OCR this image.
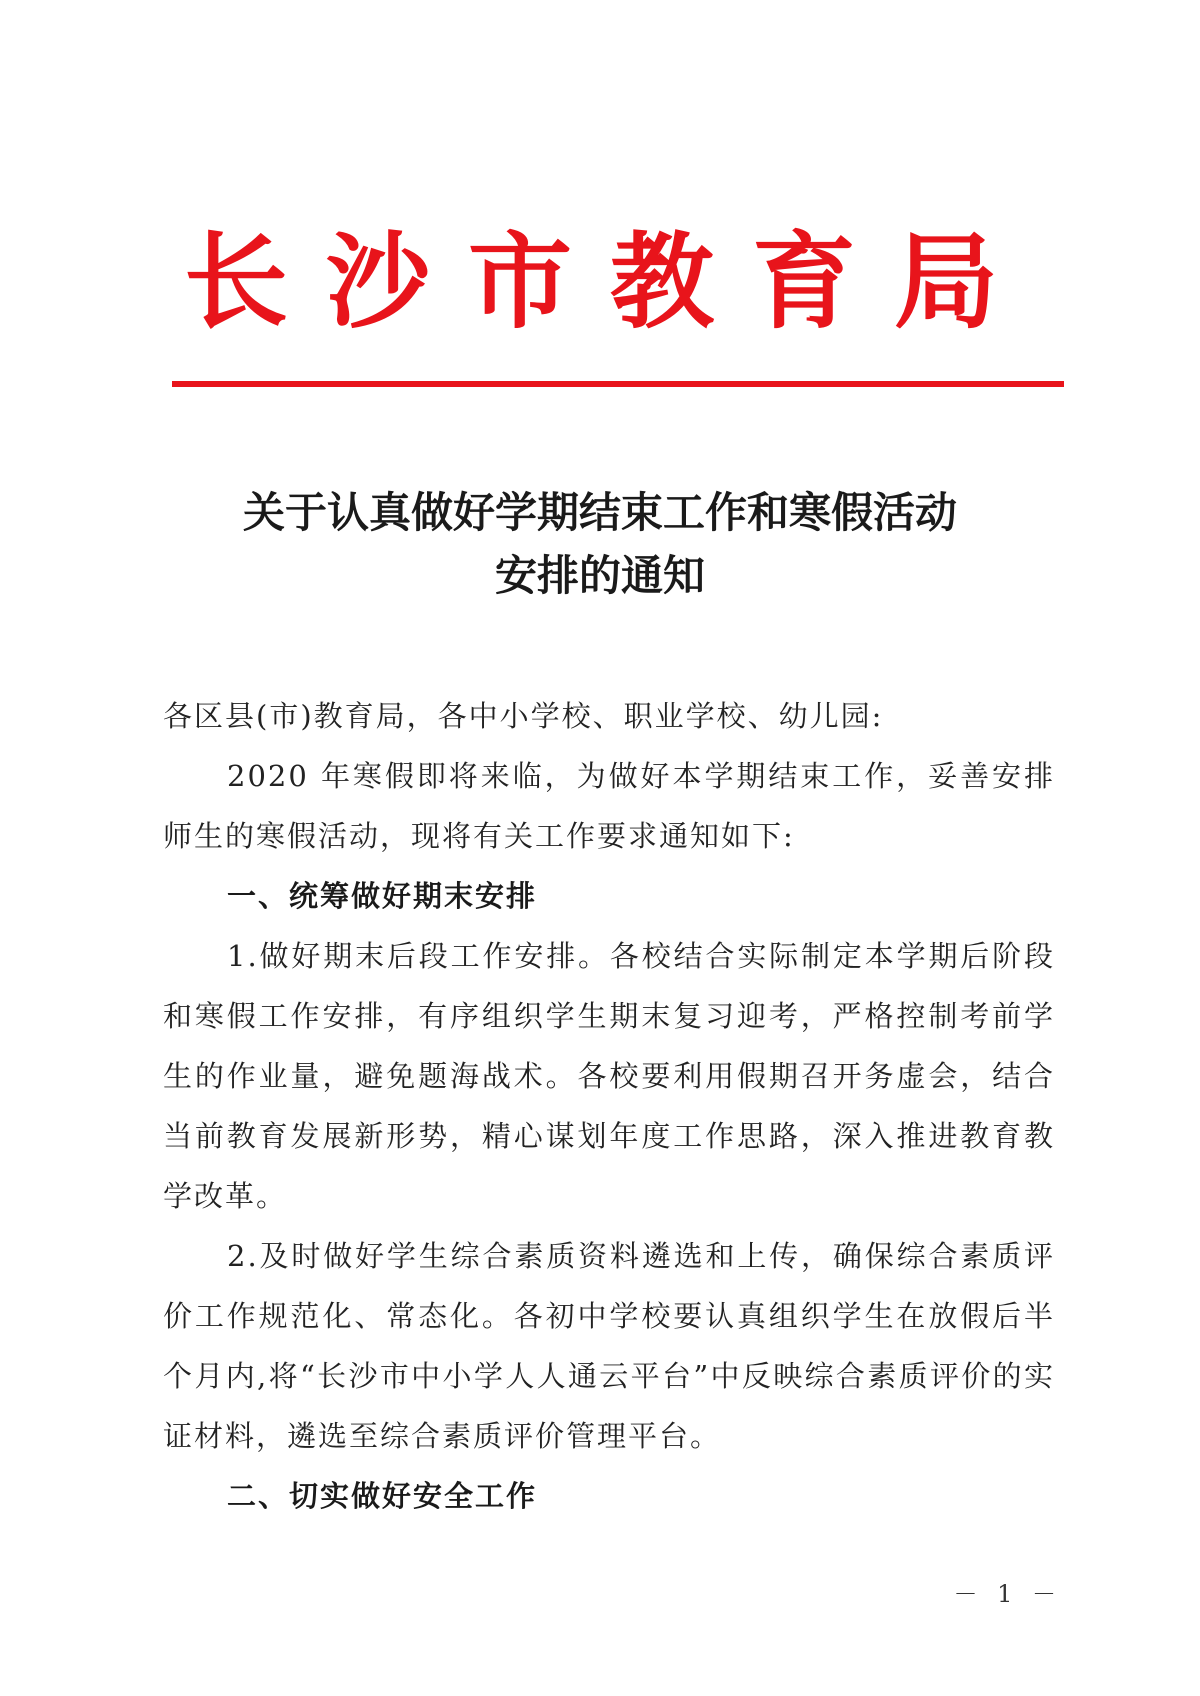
长沙市教育局
关于认真做好学期结束工作和寒假活动
安排的通知

各区县(市)教育局，各中小学校、职业学校、幼儿园:

2020 年寒假即将来临，为做好本学期结束工作，妥善安排师生的寒假活动，现将有关工作要求通知如下:

一、统筹做好期末安排

1.做好期末后段工作安排。各校结合实际制定本学期后阶段和寒假工作安排，有序组织学生期末复习迎考，严格控制考前学生的作业量，避免题海战术。各校要利用假期召开务虚会，结合当前教育发展新形势，精心谋划年度工作思路，深入推进教育教学改革。

2.及时做好学生综合素质资料遴选和上传，确保综合素质评价工作规范化、常态化。各初中学校要认真组织学生在放假后半个月内,将“长沙市中小学人人通云平台”中反映综合素质评价的实证材料，遴选至综合素质评价管理平台。

二、切实做好安全工作

－ 1 －
